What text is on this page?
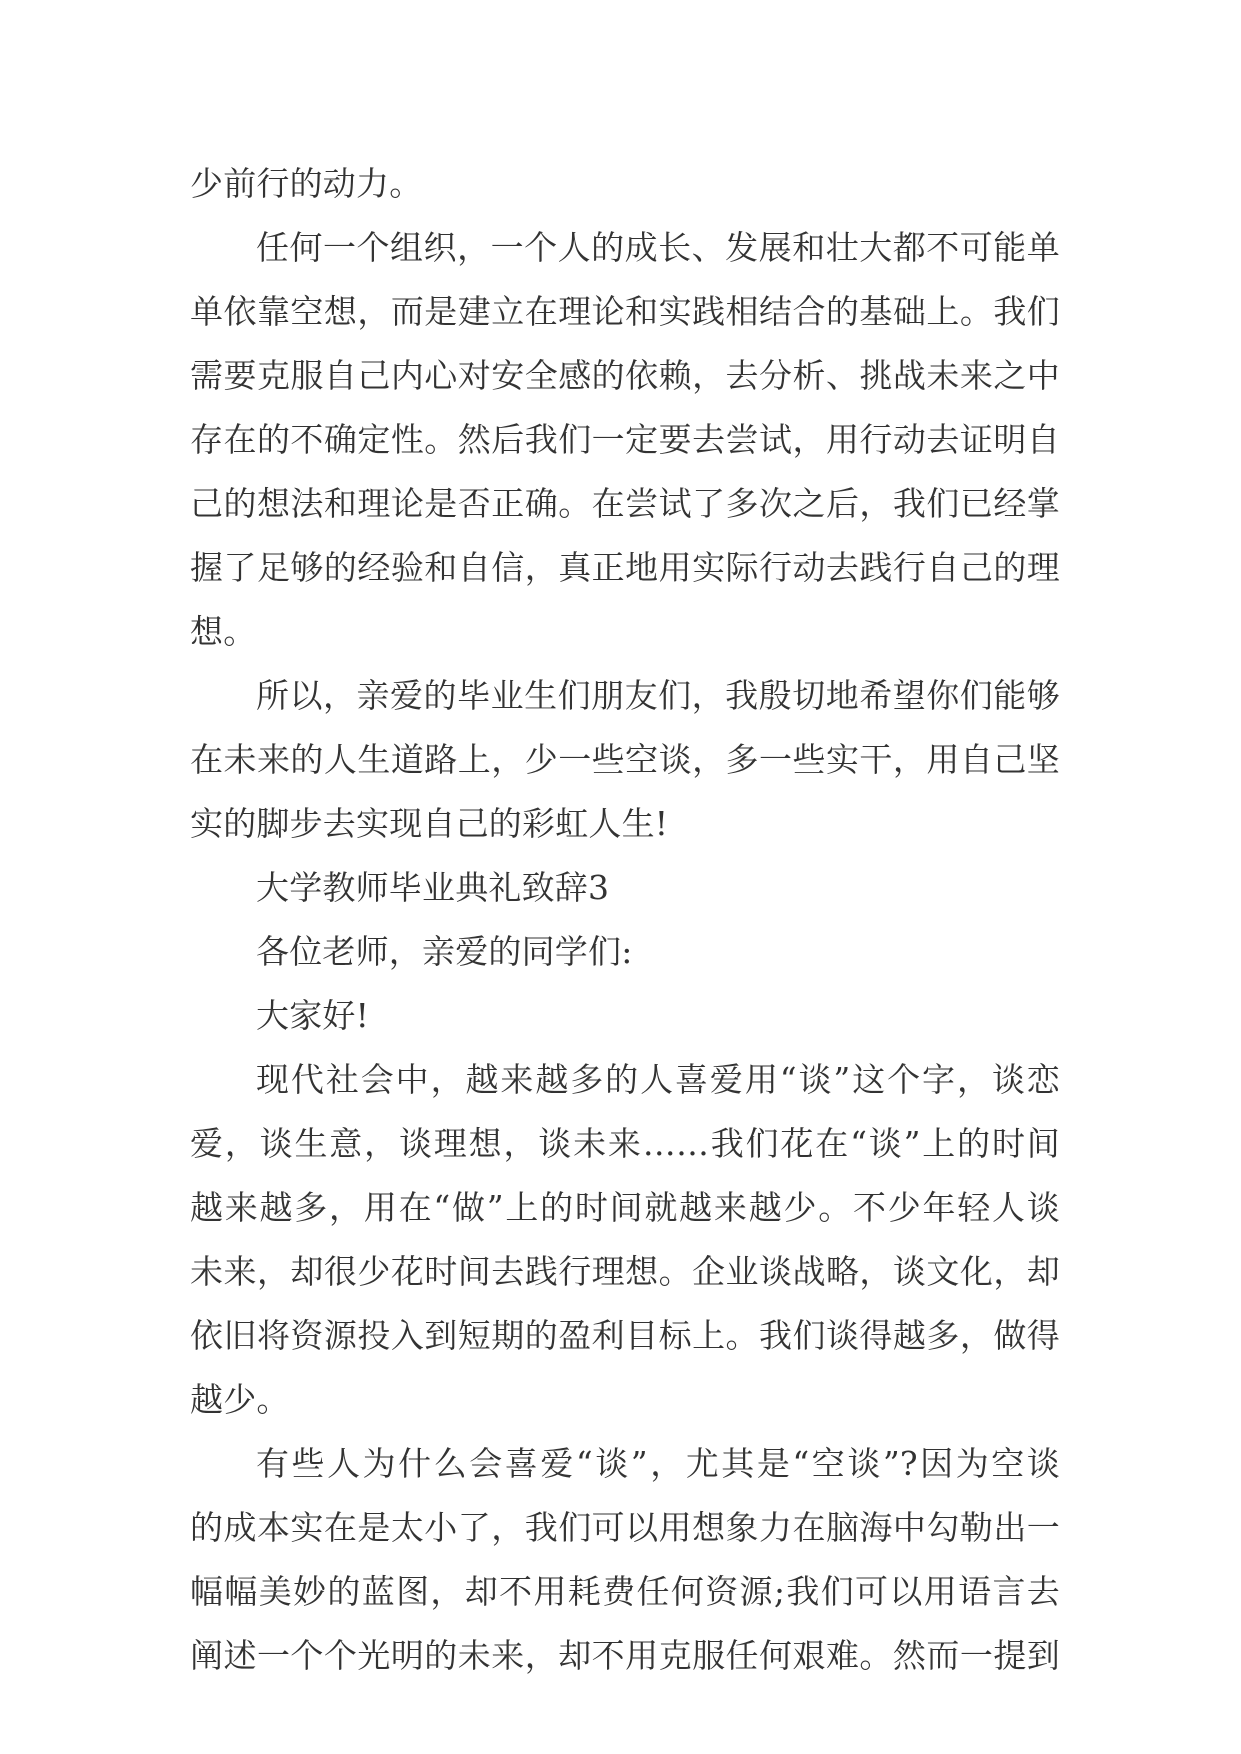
少前行的动力。
任何一个组织，一个人的成长、发展和壮大都不可能单
单依靠空想，而是建立在理论和实践相结合的基础上。我们
需要克服自己内心对安全感的依赖，去分析、挑战未来之中
存在的不确定性。然后我们一定要去尝试，用行动去证明自
己的想法和理论是否正确。在尝试了多次之后，我们已经掌
握了足够的经验和自信，真正地用实际行动去践行自己的理
想。
所以，亲爱的毕业生们朋友们，我殷切地希望你们能够
在未来的人生道路上，少一些空谈，多一些实干，用自己坚
实的脚步去实现自己的彩虹人生!
大学教师毕业典礼致辞3
各位老师，亲爱的同学们:
大家好!
现代社会中，越来越多的人喜爱用“谈”这个字，谈恋
爱，谈生意，谈理想，谈未来……我们花在“谈”上的时间
越来越多，用在“做”上的时间就越来越少。不少年轻人谈
未来，却很少花时间去践行理想。企业谈战略，谈文化，却
依旧将资源投入到短期的盈利目标上。我们谈得越多，做得
越少。
有些人为什么会喜爱“谈”，尤其是“空谈”?因为空谈
的成本实在是太小了，我们可以用想象力在脑海中勾勒出一
幅幅美妙的蓝图，却不用耗费任何资源;我们可以用语言去
阐述一个个光明的未来，却不用克服任何艰难。然而一提到
